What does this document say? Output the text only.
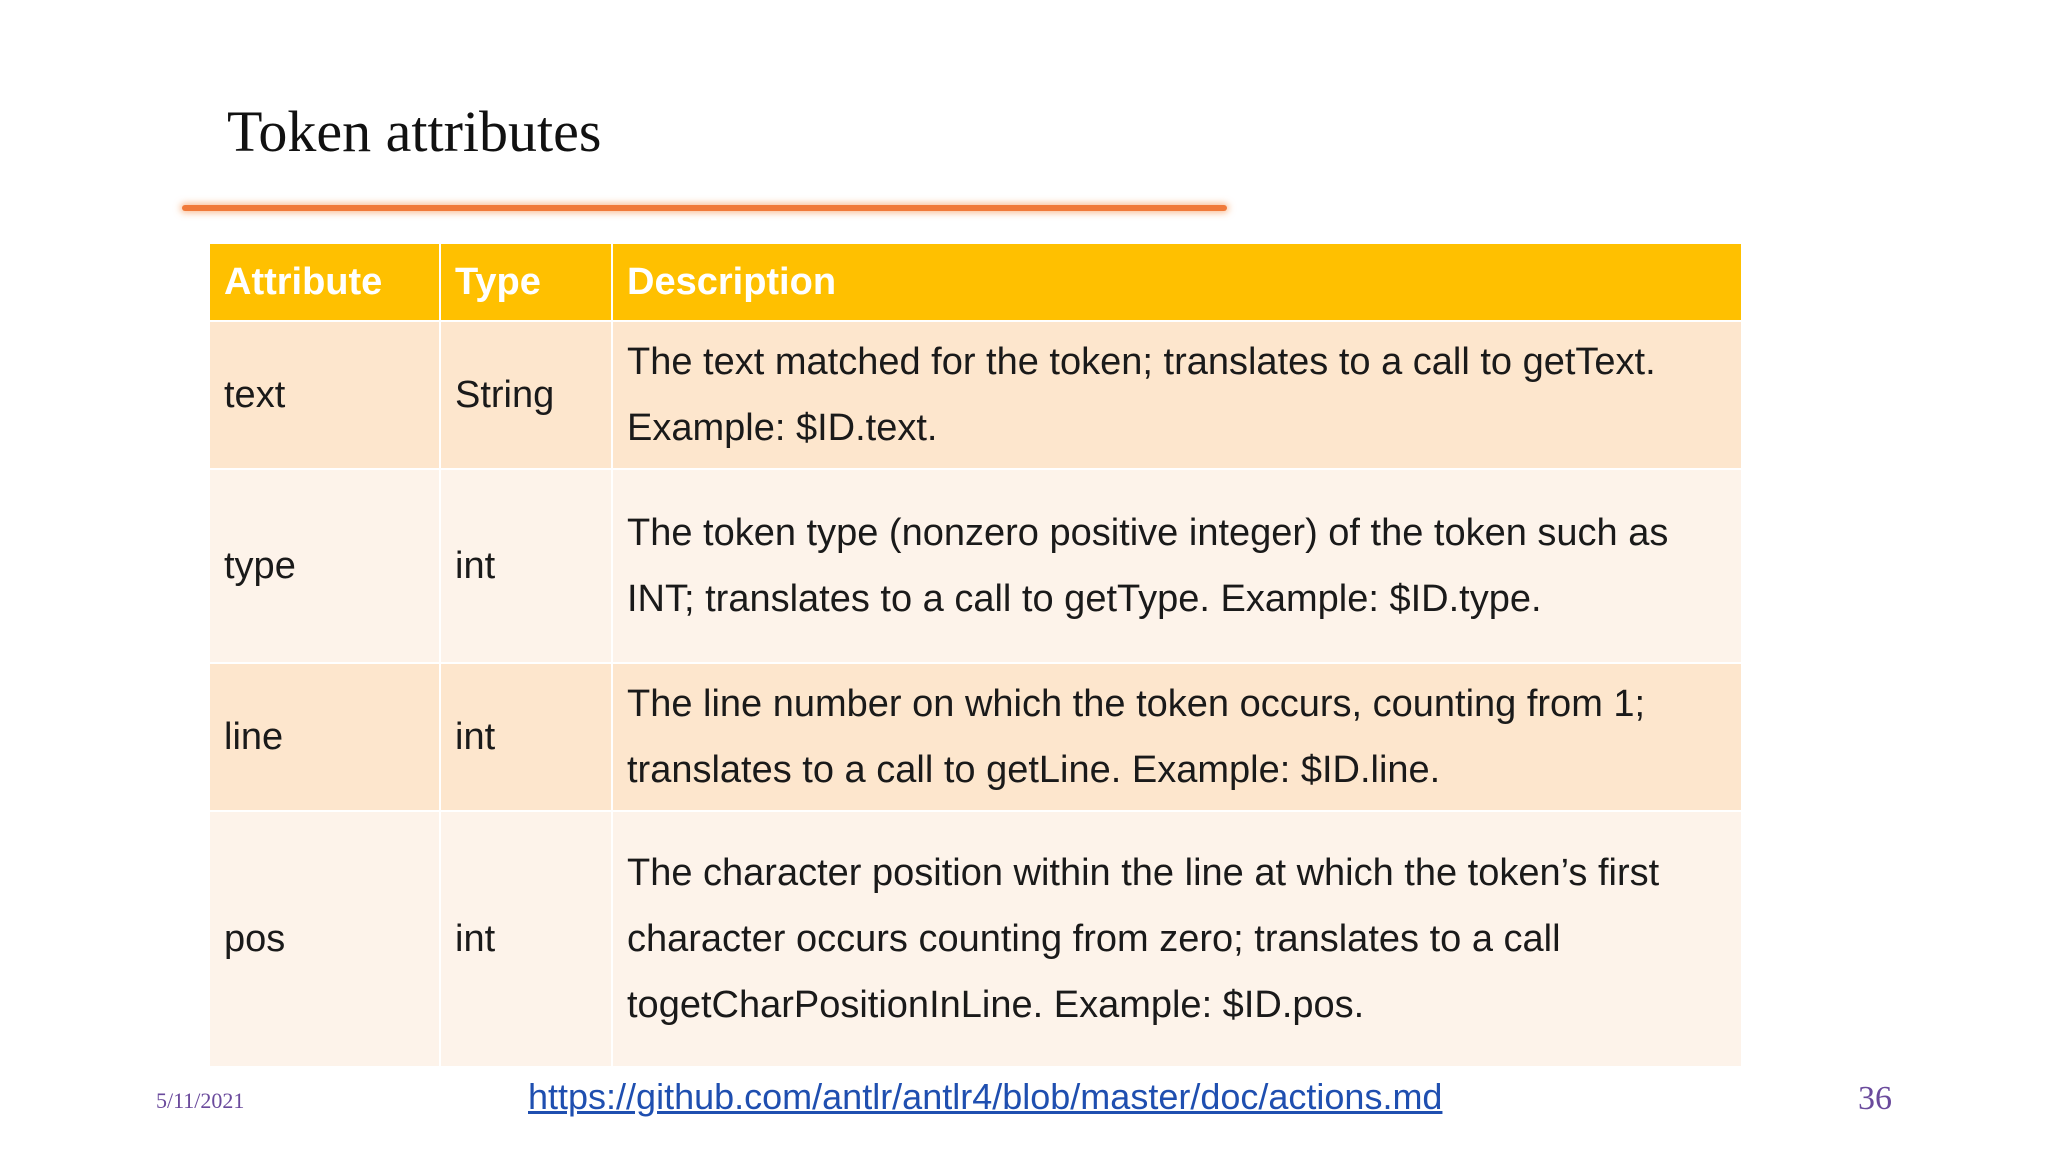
Token attributes
Attribute	Type	Description
text	String	The text matched for the token; translates to a call to getText. Example: $ID.text.
type	int	The token type (nonzero positive integer) of the token such as INT; translates to a call to getType. Example: $ID.type.
line	int	The line number on which the token occurs, counting from 1; translates to a call to getLine. Example: $ID.line.
pos	int	The character position within the line at which the token’s first character occurs counting from zero; translates to a call togetCharPositionInLine. Example: $ID.pos.
5/11/2021	https://github.com/antlr/antlr4/blob/master/doc/actions.md	36
